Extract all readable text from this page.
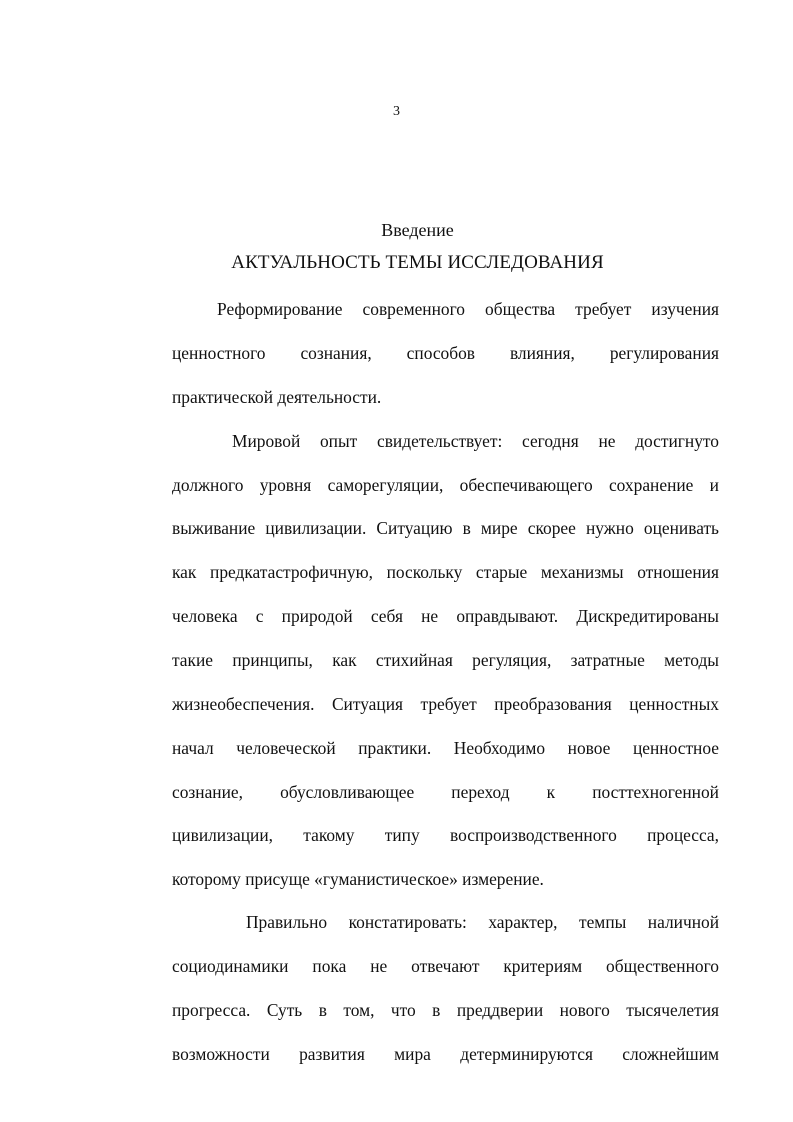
3
Введение
АКТУАЛЬНОСТЬ ТЕМЫ ИССЛЕДОВАНИЯ
Реформирование современного общества требует изучения
ценностного сознания, способов влияния, регулирования
практической деятельности.
Мировой опыт свидетельствует: сегодня не достигнуто
должного уровня саморегуляции, обеспечивающего сохранение и
выживание цивилизации. Ситуацию в мире скорее нужно оценивать
как предкатастрофичную, поскольку старые механизмы отношения
человека с природой себя не оправдывают. Дискредитированы
такие принципы, как стихийная регуляция, затратные методы
жизнеобеспечения. Ситуация требует преобразования ценностных
начал человеческой практики. Необходимо новое ценностное
сознание, обусловливающее переход к посттехногенной
цивилизации, такому типу воспроизводственного процесса,
которому присуще «гуманистическое» измерение.
Правильно констатировать: характер, темпы наличной
социодинамики пока не отвечают критериям общественного
прогресса. Суть в том, что в преддверии нового тысячелетия
возможности развития мира детерминируются сложнейшим
